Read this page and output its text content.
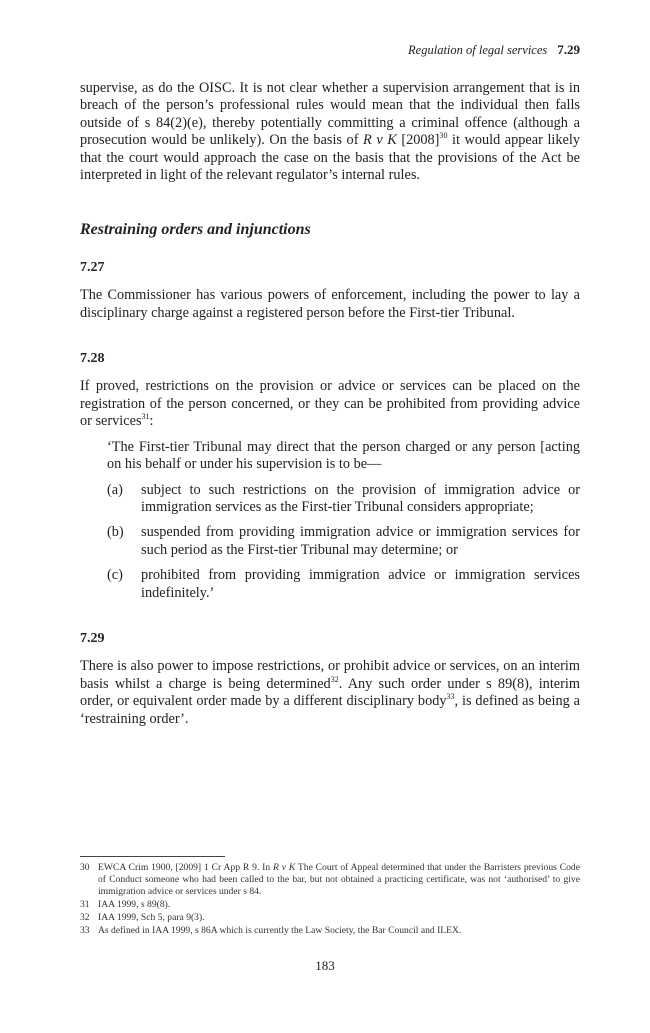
Regulation of legal services 7.29

supervise, as do the OISC. It is not clear whether a supervision arrangement that is in breach of the person’s professional rules would mean that the individual then falls outside of s 84(2)(e), thereby potentially committing a criminal offence (although a prosecution would be unlikely). On the basis of R v K $[2008]^{30}$ it would appear likely that the court would approach the case on the basis that the provisions of the Act be interpreted in light of the relevant regulator’s internal rules.

Restraining orders and injunctions
7.27

The Commissioner has various powers of enforcement, including the power to lay a disciplinary charge against a registered person before the First-tier Tribunal.

7.28

If proved, restrictions on the provision or advice or services can be placed on the registration of the person concerned, or they can be prohibited from providing advice or services$^{31}$:

‘The First-tier Tribunal may direct that the person charged or any person [acting on his behalf or under his supervision is to be—

(a)	subject to such restrictions on the provision of immigration advice or immigration services as the First-tier Tribunal considers appropriate;
(b)	suspended from providing immigration advice or immigration services for such period as the First-tier Tribunal may determine; or
(c)	prohibited from providing immigration advice or immigration services indefinitely.’
7.29

There is also power to impose restrictions, or prohibit advice or services, on an interim basis whilst a charge is being determined$^{32}$. Any such order under s 89(8), interim order, or equivalent order made by a different disciplinary body$^{33}$, is defined as being a ‘restraining order’.

30 EWCA Crim 1900, [2009] 1 Cr App R 9. In R v K The Court of Appeal determined that under the Barristers previous Code of Conduct someone who had been called to the bar, but not obtained a practicing certificate, was not ‘authorised’ to give immigration advice or services under s 84.
31 IAA 1999, s 89(8).
32 IAA 1999, Sch 5, para 9(3).
33 As defined in IAA 1999, s 86A which is currently the Law Society, the Bar Council and ILEX.
183
